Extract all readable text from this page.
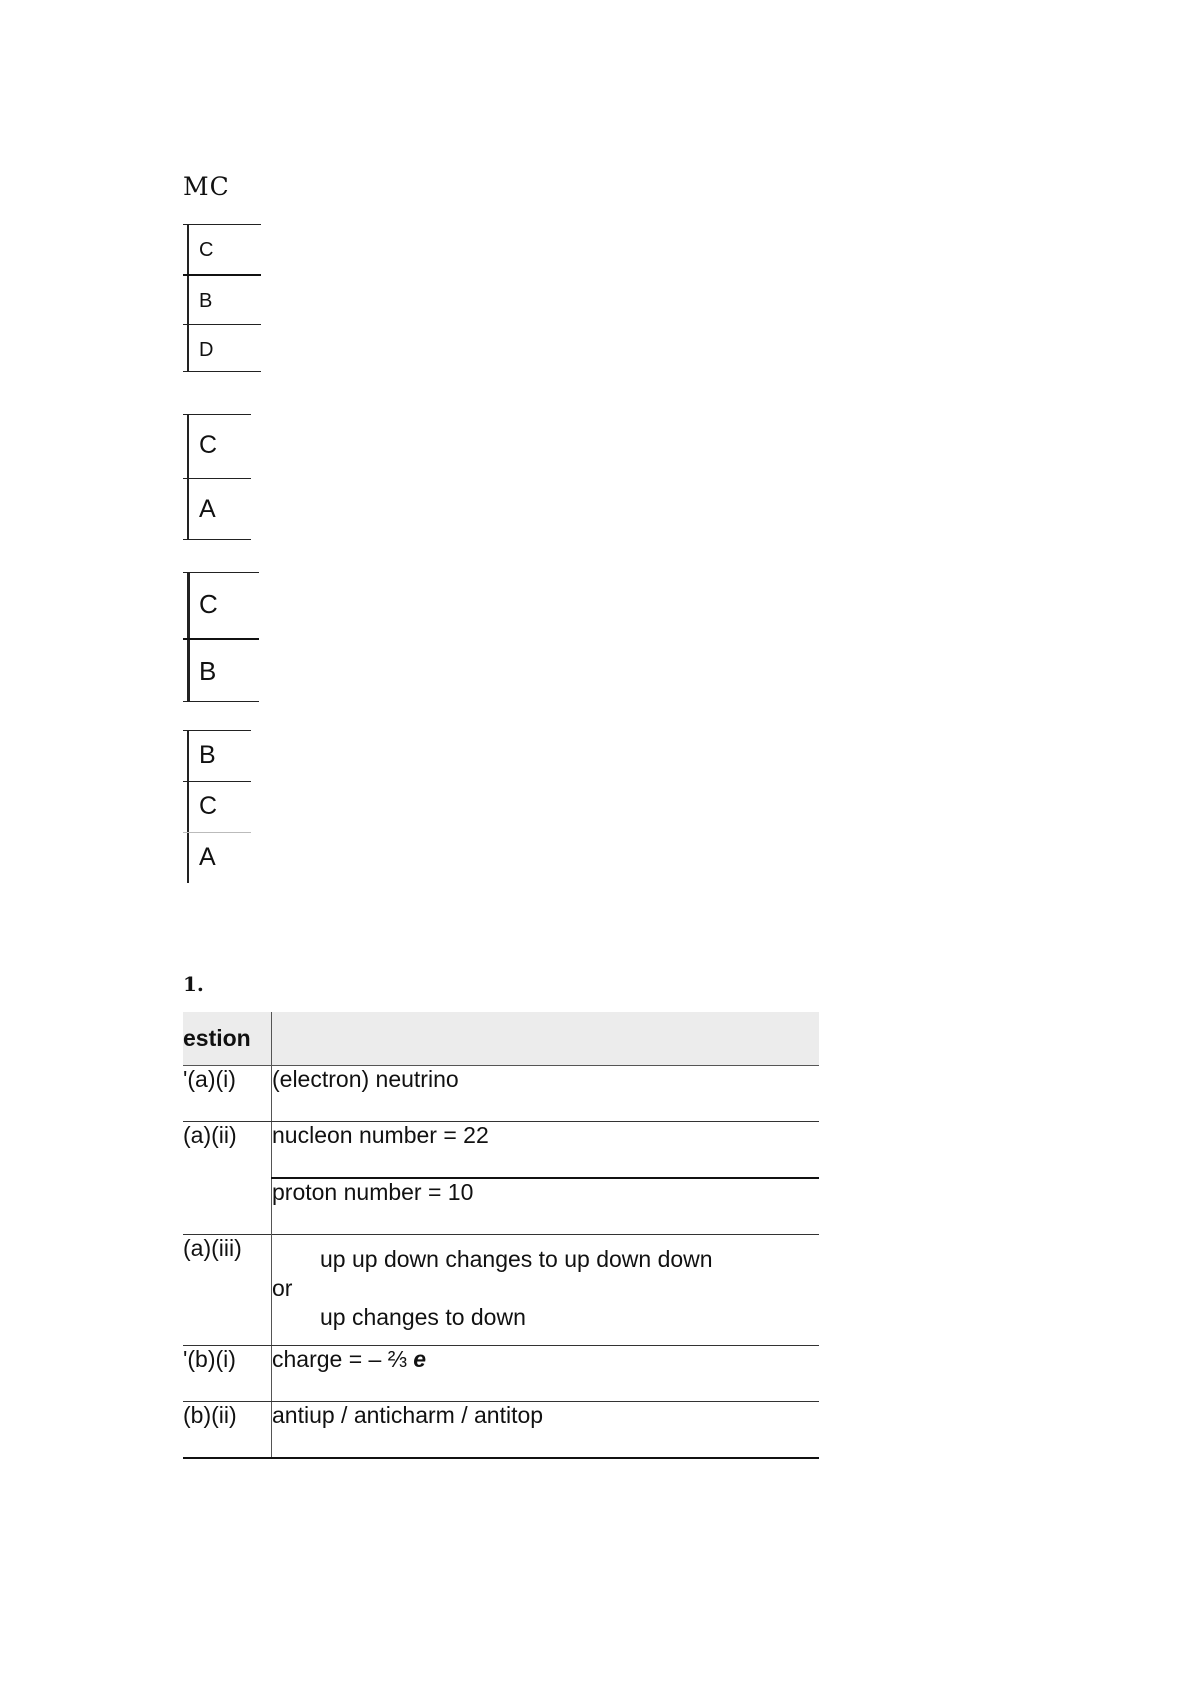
MC
C
B
D
C
A
C
B
B
C
A
1.
estion	
'(a)(i)	(electron) neutrino
(a)(ii)	nucleon number = 22
	proton number = 10
(a)(iii)	up up down changes to up down down
or
up changes to down

'(b)(i)	charge = – ⅔ e
(b)(ii)	antiup / anticharm / antitop
